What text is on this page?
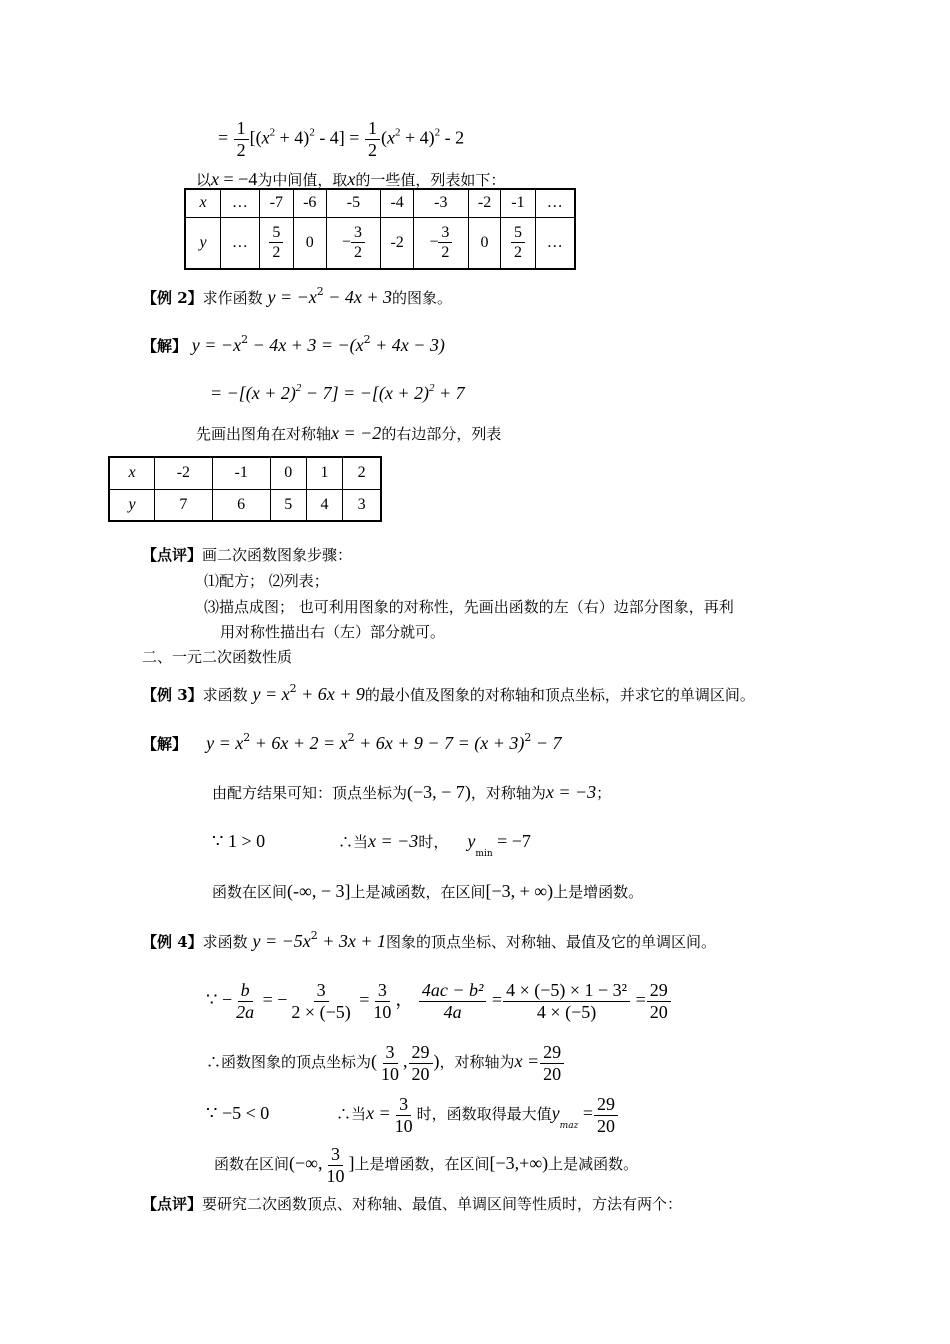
= $\frac{1}{2} [(x^2 + 4)^2 - 4] = \frac{1}{2} (x^2 + 4)^2 - 2$
以x = −4为中间值，取x的一些值，列表如下：
x	…	-7	-6	-5	-4	-3	-2	-1	…
y	…	$\frac{5}{2}$	0	− $\frac{3}{2}$	-2	− $\frac{3}{2}$	0	$\frac{5}{2}$	…
【例 2】求作函数 $y = -x^2 - 4x + 3$的图象。
【解】 $y = -x^2 - 4x + 3 = -(x^2 + 4x - 3)$
= $-[(x + 2)^2 - 7] = -[(x + 2)^2 + 7$
先画出图角在对称轴x = −2的右边部分，列表
x	-2	-1	0	1	2
y	7	6	5	4	3
【点评】画二次函数图象步骤：
⑴配方； ⑵列表；
⑶描点成图； 也可利用图象的对称性，先画出函数的左（右）边部分图象，再利
用对称性描出右（左）部分就可。
二、一元二次函数性质
【例 3】求函数 $y = x^2 + 6x + 9$的最小值及图象的对称轴和顶点坐标，并求它的单调区间。
【解】 $y = x^2 + 6x + 2 = x^2 + 6x + 9 - 7 = (x + 3)^2 - 7$
由配方结果可知：顶点坐标为(−3, − 7)，对称轴为x = −3；
∵ 1 > 0	∴当x = −3时， $y_{min} = -7$
函数在区间(-∞, − 3]上是减函数，在区间[−3, + ∞)上是增函数。
【例 4】求函数 $y = -5x^2 + 3x + 1$图象的顶点坐标、对称轴、最值及它的单调区间。
∵ − $\frac{b}{2a}$ = − $\frac{3}{2 \times (-5)} = \frac{3}{10}$ ， $\frac{\text{4ac − b²}}{4a} = \frac{\text{4 × (−5) × 1 − 3²}}{4 \times (-5)} = \frac{29}{20}$
∴函数图象的顶点坐标为( $\frac{3}{10}$ , $\frac{29}{20}$ )，对称轴为$x = \frac{29}{20}$
∵ −5 < 0	∴当$x = \frac{3}{10}$ 时，函数取得最大值$y_{maz} = \frac{29}{20}$
函数在区间(−∞, $\frac{3}{10}$ ]上是增函数，在区间[−3,+∞)上是减函数。
【点评】要研究二次函数顶点、对称轴、最值、单调区间等性质时，方法有两个：
